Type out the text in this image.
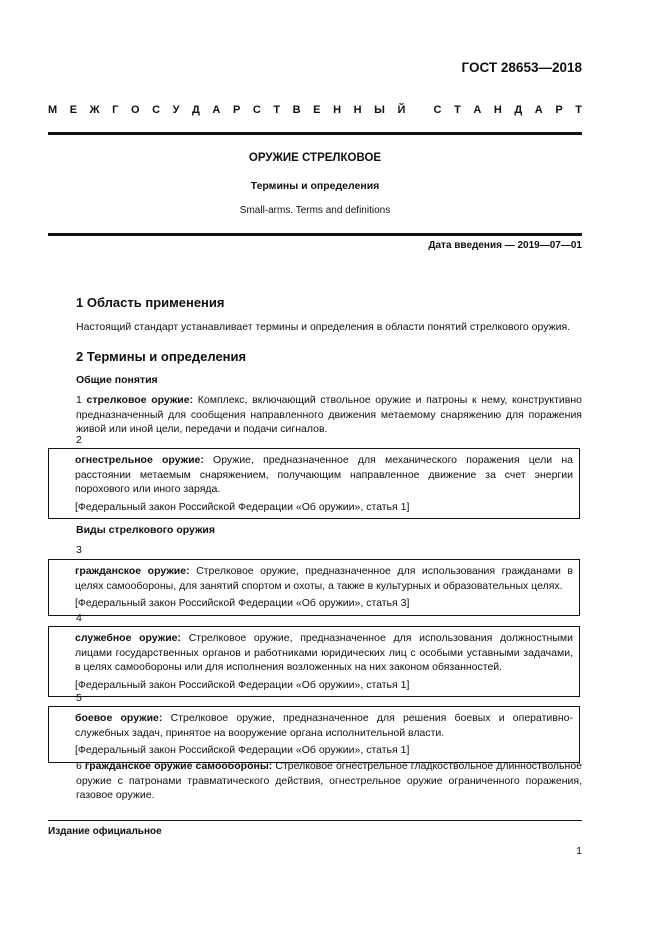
ГОСТ 28653—2018
М Е Ж Г О С У Д А Р С Т В Е Н Н Ы Й
	С Т А Н Д А Р Т
ОРУЖИЕ СТРЕЛКОВОЕ
Термины и определения
Small-arms. Terms and definitions
Дата введения — 2019—07—01
1 Область применения
Настоящий стандарт устанавливает термины и определения в области понятий стрелкового оружия.
2 Термины и определения
Общие понятия
1 стрелковое оружие: Комплекс, включающий ствольное оружие и патроны к нему, конструктивно предназначенный для сообщения направленного движения метаемому снаряжению для поражения живой или иной цели, передачи и подачи сигналов.
2

огнестрельное оружие: Оружие, предназначенное для механического поражения цели на расстоянии метаемым снаряжением, получающим направленное движение за счет энергии порохового или иного заряда.

[Федеральный закон Российской Федерации «Об оружии», статья 1]

Виды стрелкового оружия
3

гражданское оружие: Стрелковое оружие, предназначенное для использования гражданами в целях самообороны, для занятий спортом и охоты, а также в культурных и образовательных целях.

[Федеральный закон Российской Федерации «Об оружии», статья 3]

4

служебное оружие: Стрелковое оружие, предназначенное для использования должностными лицами государственных органов и работниками юридических лиц с особыми уставными задачами, в целях самообороны или для исполнения возложенных на них законом обязанностей.

[Федеральный закон Российской Федерации «Об оружии», статья 1]

5

боевое оружие: Стрелковое оружие, предназначенное для решения боевых и оперативно-служебных задач, принятое на вооружение органа исполнительной власти.

[Федеральный закон Российской Федерации «Об оружии», статья 1]

6 гражданское оружие самообороны: Стрелковое огнестрельное гладкоствольное длинноствольное оружие с патронами травматического действия, огнестрельное оружие ограниченного поражения, газовое оружие.
Издание официальное
1
